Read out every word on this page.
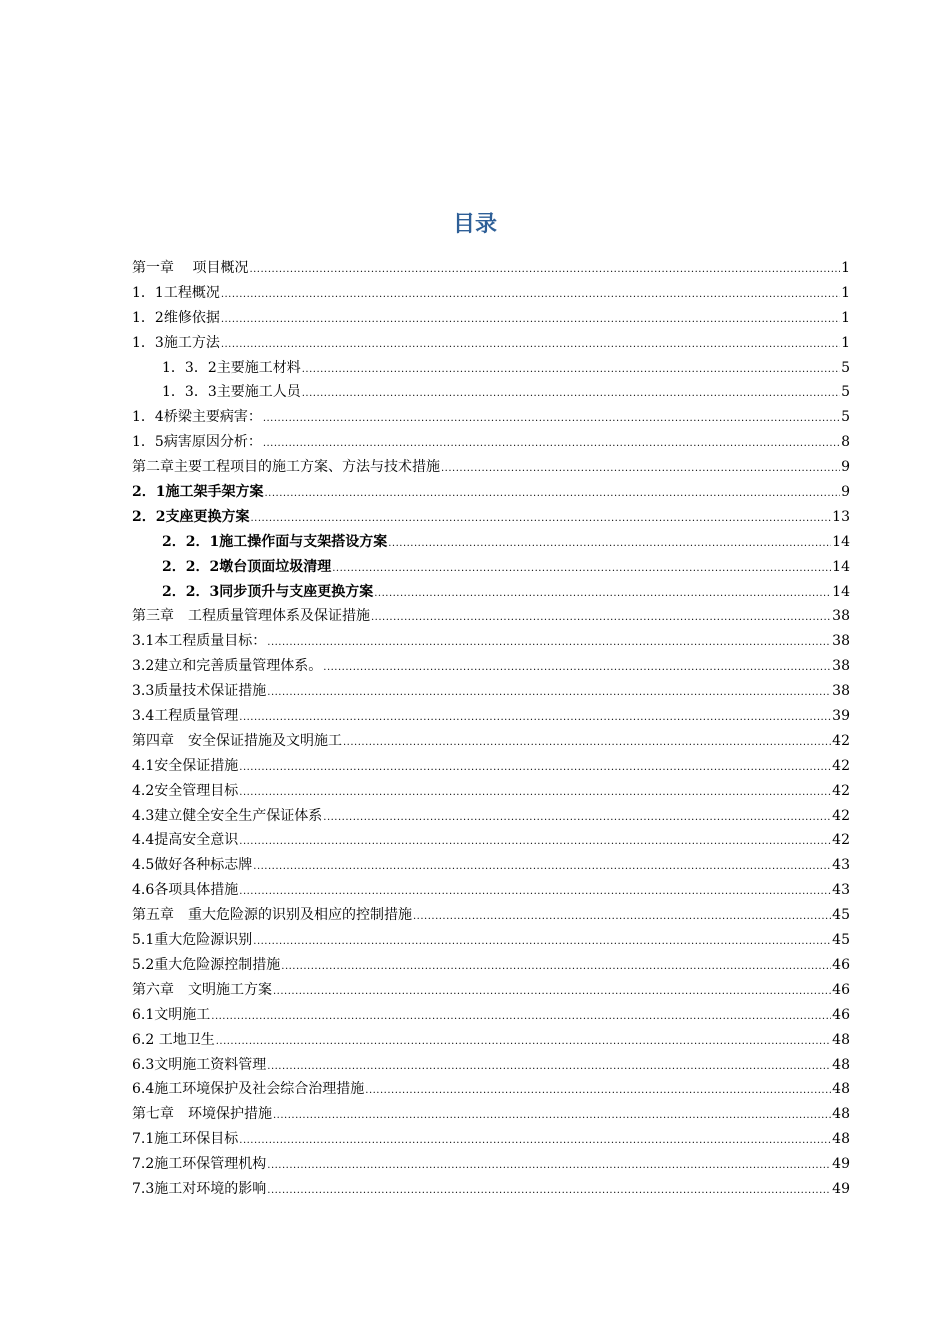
目录
第一章　 项目概况 .....	1
1．1工程概况 .....	1
1．2维修依据 .....	1
1．3施工方法 .....	1
1．3．2主要施工材料 .....	5
1．3．3主要施工人员 .....	5
1．4桥梁主要病害： .....	5
1．5病害原因分析： .....	8
第二章主要工程项目的施工方案、方法与技术措施 .....	9
2．1施工架手架方案 .....	9
2．2支座更换方案 .....	13
2．2．1施工操作面与支架搭设方案 .....	14
2．2．2墩台顶面垃圾清理 .....	14
2．2．3同步顶升与支座更换方案 .....	14
第三章　工程质量管理体系及保证措施 .....	38
3.1本工程质量目标： .....	38
3.2建立和完善质量管理体系。 .....	38
3.3质量技术保证措施 .....	38
3.4工程质量管理 .....	39
第四章　安全保证措施及文明施工 .....	42
4.1安全保证措施 .....	42
4.2安全管理目标 .....	42
4.3建立健全安全生产保证体系 .....	42
4.4提高安全意识 .....	42
4.5做好各种标志牌 .....	43
4.6各项具体措施 .....	43
第五章　重大危险源的识别及相应的控制措施 .....	45
5.1重大危险源识别 .....	45
5.2重大危险源控制措施 .....	46
第六章　文明施工方案 .....	46
6.1文明施工 .....	46
6.2 工地卫生 .....	48
6.3文明施工资料管理 .....	48
6.4施工环境保护及社会综合治理措施 .....	48
第七章　环境保护措施 .....	48
7.1施工环保目标 .....	48
7.2施工环保管理机构 .....	49
7.3施工对环境的影响 .....	49
